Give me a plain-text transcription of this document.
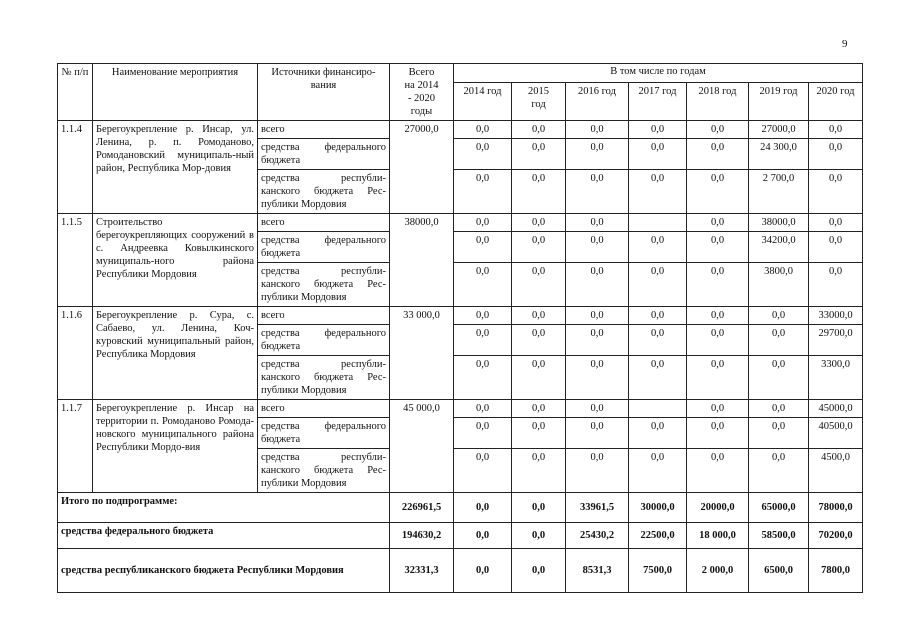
9
№ п/п	Наименование мероприятия	Источники финансиро-вания	Всего на 2014 - 2020 годы	В том числе по годам						
				2014 год	2015 год	2016 год	2017 год	2018 год	2019 год	2020 год
1.1.4	Берегоукрепление р. Инсар, ул. Ленина, р. п. Ромоданово, Ромодановский муниципаль-ный район, Республика Мор-довия	всего	27000,0	0,0	0,0	0,0	0,0	0,0	27000,0	0,0
		средства федерального бюджета		0,0	0,0	0,0	0,0	0,0	24 300,0	0,0
		средства республи-канского бюджета Рес-публики Мордовия		0,0	0,0	0,0	0,0	0,0	2 700,0	0,0
1.1.5	Строительство берегоукрепляющих сооружений в с. Андреевка Ковылкинского муниципаль-ного района Республики Мордовия	всего	38000,0	0,0	0,0	0,0		0,0	38000,0	0,0
		средства федерального бюджета		0,0	0,0	0,0	0,0	0,0	34200,0	0,0
		средства республи-канского бюджета Рес-публики Мордовия		0,0	0,0	0,0	0,0	0,0	3800,0	0,0
1.1.6	Берегоукрепление р. Сура, с. Сабаево, ул. Ленина, Коч-куровский муниципальный район, Республика Мордовия	всего	33 000,0	0,0	0,0	0,0	0,0	0,0	0,0	33000,0
		средства федерального бюджета		0,0	0,0	0,0	0,0	0,0	0,0	29700,0
		средства республи-канского бюджета Рес-публики Мордовия		0,0	0,0	0,0	0,0	0,0	0,0	3300,0
1.1.7	Берегоукрепление р. Инсар на территории п. Ромоданово Ромода-новского муниципального района Республики Мордо-вия	всего	45 000,0	0,0	0,0	0,0		0,0	0,0	45000,0
		средства федерального бюджета		0,0	0,0	0,0	0,0	0,0	0,0	40500,0
		средства республи-канского бюджета Рес-публики Мордовия		0,0	0,0	0,0	0,0	0,0	0,0	4500,0
Итого по подпрограмме:			226961,5	0,0	0,0	33961,5	30000,0	20000,0	65000,0	78000,0
средства федерального бюджета			194630,2	0,0	0,0	25430,2	22500,0	18 000,0	58500,0	70200,0
средства республиканского бюджета Республики Мордовия			32331,3	0,0	0,0	8531,3	7500,0	2 000,0	6500,0	7800,0
